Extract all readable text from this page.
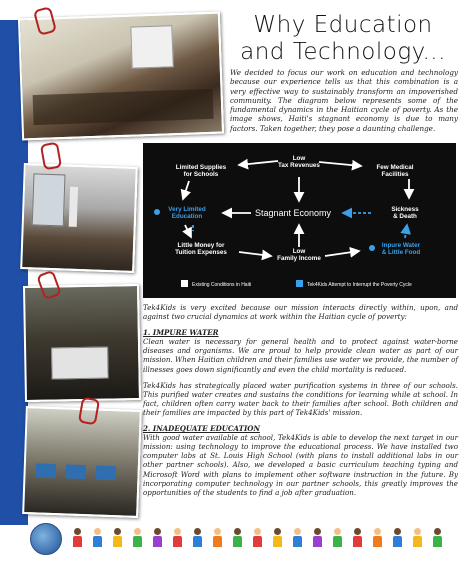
Why Education
and Technology...
We decided to focus our work on education and technology because our experience tells us that this combination is a very effective way to sustainably transform an impoverished community. The diagram below represents some of the fundamental dynamics in the Haitian cycle of poverty. As the image shows, Haiti's stagnant economy is due to many factors. Taken together, they pose a daunting challenge.
Low Tax Revenues
Limited Supplies for Schools
Few Medical Facilities
Very Limited Education
Sickness & Death
Little Money for Tuition Expenses	Low Family Income
Inpure Water & Little Food
Stagnant Economy
Existing Conditions in Haiti	Tek4Kids Attempt to Interrupt the Poverty Cycle

Tek4Kids is very excited because our mission interacts directly within, upon, and against two crucial dynamics at work within the Haitian cycle of poverty:

1. IMPURE WATER

Clean water is necessary for general health and to protect against water-borne diseases and organisms. We are proud to help provide clean water as part of our mission. When Haitian children and their families use water we provide, the number of illnesses goes down significantly and even the child mortality is reduced.

Tek4Kids has strategically placed water purification systems in three of our schools. This purified water creates and sustains the conditions for learning while at school. In fact, children often carry water back to their families after school. Both children and their families are impacted by this part of Tek4Kids' mission.

2. INADEQUATE EDUCATION

With good water available at school, Tek4Kids is able to develop the next target in our mission: using technology to improve the educational process. We have installed two computer labs at St. Louis High School (with plans to install additional labs in our other partner schools). Also, we developed a basic curriculum teaching typing and Microsoft Word with plans to implement other software instruction in the future. By incorporating computer technology in our partner schools, this greatly improves the opportunities of the students to find a job after graduation.
